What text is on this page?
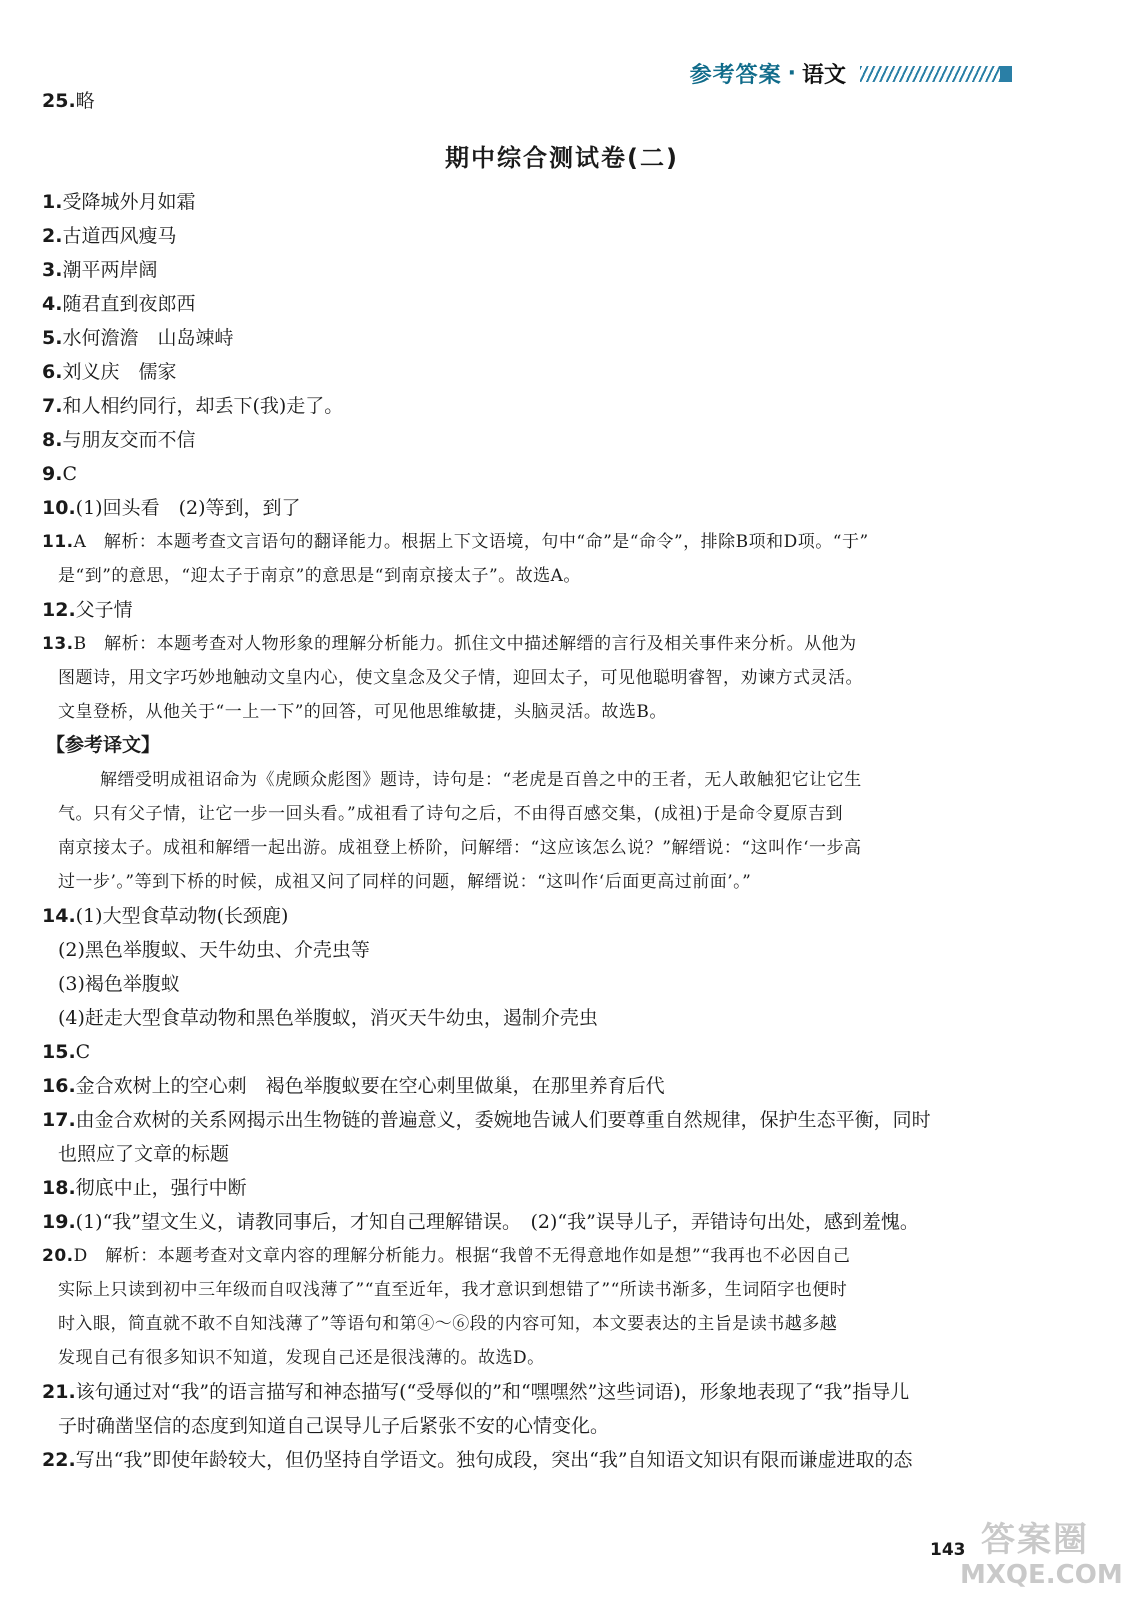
参考答案 · 语文
25.略
期中综合测试卷(二)
1.受降城外月如霜
2.古道西风瘦马
3.潮平两岸阔
4.随君直到夜郎西
5.水何澹澹　山岛竦峙
6.刘义庆　儒家
7.和人相约同行，却丢下(我)走了。
8.与朋友交而不信
9.C
10.(1)回头看　(2)等到，到了
11.A　解析：本题考查文言语句的翻译能力。根据上下文语境，句中“命”是“命令”，排除B项和D项。“于”
是“到”的意思，“迎太子于南京”的意思是“到南京接太子”。故选A。
12.父子情
13.B　解析：本题考查对人物形象的理解分析能力。抓住文中描述解缙的言行及相关事件来分析。从他为
图题诗，用文字巧妙地触动文皇内心，使文皇念及父子情，迎回太子，可见他聪明睿智，劝谏方式灵活。
文皇登桥，从他关于“一上一下”的回答，可见他思维敏捷，头脑灵活。故选B。
【参考译文】
解缙受明成祖诏命为《虎顾众彪图》题诗，诗句是：“老虎是百兽之中的王者，无人敢触犯它让它生
气。只有父子情，让它一步一回头看。”成祖看了诗句之后，不由得百感交集，(成祖)于是命令夏原吉到
南京接太子。成祖和解缙一起出游。成祖登上桥阶，问解缙：“这应该怎么说？”解缙说：“这叫作‘一步高
过一步’。”等到下桥的时候，成祖又问了同样的问题，解缙说：“这叫作‘后面更高过前面’。”
14.(1)大型食草动物(长颈鹿)
(2)黑色举腹蚁、天牛幼虫、介壳虫等
(3)褐色举腹蚁
(4)赶走大型食草动物和黑色举腹蚁，消灭天牛幼虫，遏制介壳虫
15.C
16.金合欢树上的空心刺　褐色举腹蚁要在空心刺里做巢，在那里养育后代
17.由金合欢树的关系网揭示出生物链的普遍意义，委婉地告诫人们要尊重自然规律，保护生态平衡，同时
也照应了文章的标题
18.彻底中止，强行中断
19.(1)“我”望文生义，请教同事后，才知自己理解错误。　(2)“我”误导儿子，弄错诗句出处，感到羞愧。
20.D　解析：本题考查对文章内容的理解分析能力。根据“我曾不无得意地作如是想”“我再也不必因自己
实际上只读到初中三年级而自叹浅薄了”“直至近年，我才意识到想错了”“所读书渐多，生词陌字也便时
时入眼，简直就不敢不自知浅薄了”等语句和第④～⑥段的内容可知，本文要表达的主旨是读书越多越
发现自己有很多知识不知道，发现自己还是很浅薄的。故选D。
21.该句通过对“我”的语言描写和神态描写(“受辱似的”和“嘿嘿然”这些词语)，形象地表现了“我”指导儿
子时确凿坚信的态度到知道自己误导儿子后紧张不安的心情变化。
22.写出“我”即使年龄较大，但仍坚持自学语文。独句成段，突出“我”自知语文知识有限而谦虚进取的态
143 答案圈
MXQE.COM
